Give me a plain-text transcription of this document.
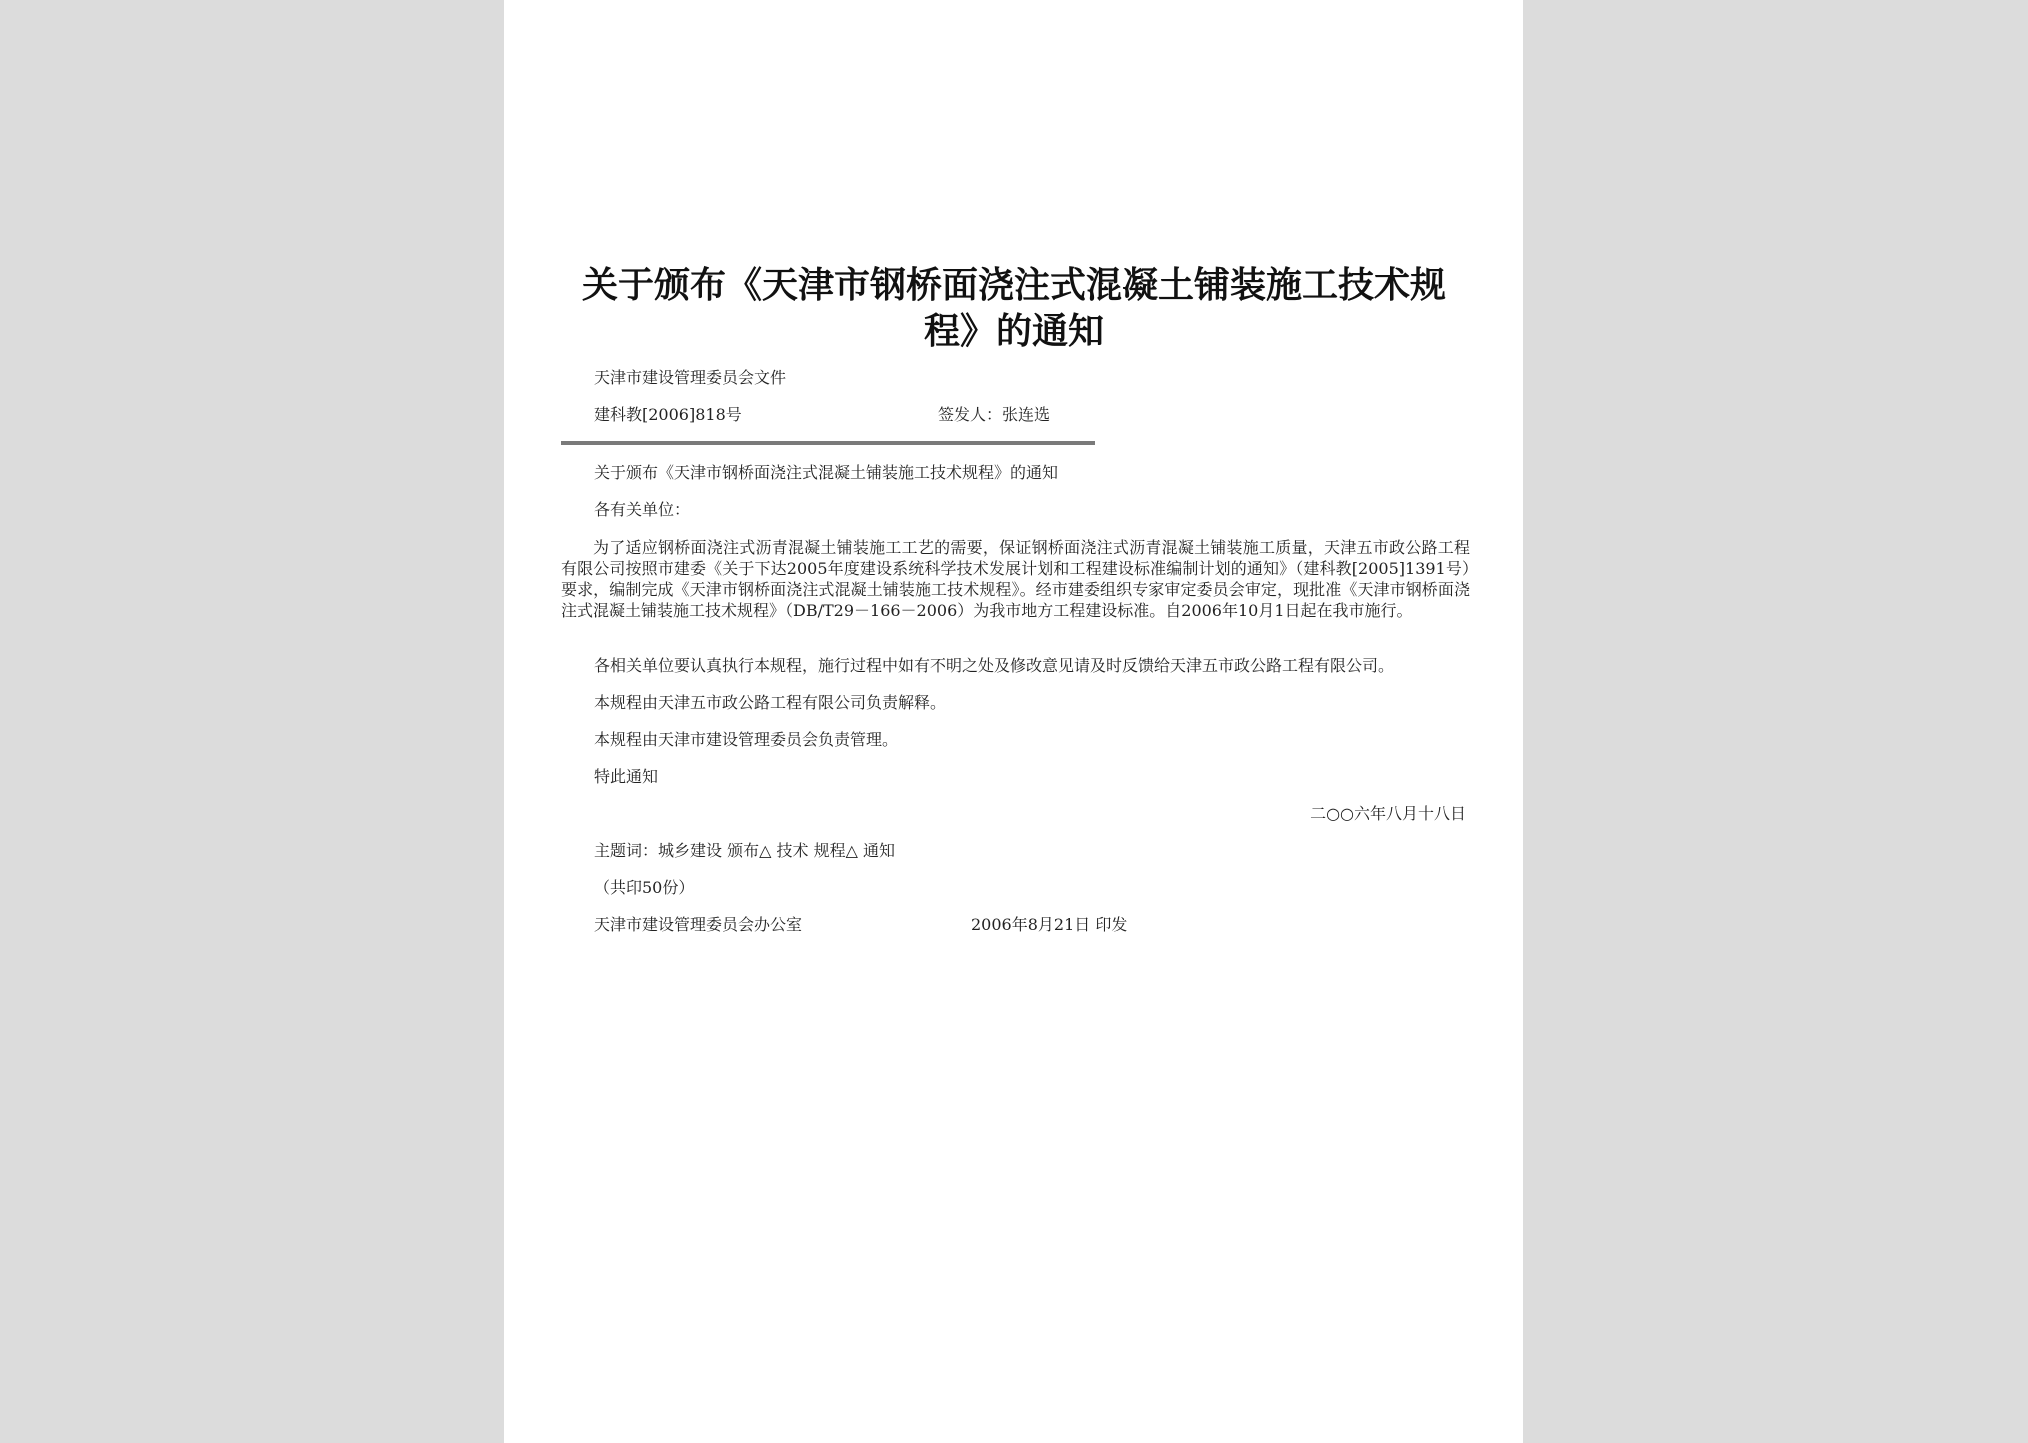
关于颁布《天津市钢桥面浇注式混凝土铺装施工技术规程》的通知
天津市建设管理委员会文件
建科教[2006]818号	签发人：张连选
关于颁布《天津市钢桥面浇注式混凝土铺装施工技术规程》的通知
各有关单位：

为了适应钢桥面浇注式沥青混凝土铺装施工工艺的需要，保证钢桥面浇注式沥青混凝土铺装施工质量，天津五市政公路工程有限公司按照市建委《关于下达2005年度建设系统科学技术发展计划和工程建设标准编制计划的通知》（建科教[2005]1391号）要求，编制完成《天津市钢桥面浇注式混凝土铺装施工技术规程》。经市建委组织专家审定委员会审定，现批准《天津市钢桥面浇注式混凝土铺装施工技术规程》（DB/T29－166－2006）为我市地方工程建设标准。自2006年10月1日起在我市施行。

各相关单位要认真执行本规程，施行过程中如有不明之处及修改意见请及时反馈给天津五市政公路工程有限公司。
本规程由天津五市政公路工程有限公司负责解释。
本规程由天津市建设管理委员会负责管理。
特此通知
二○○六年八月十八日
主题词：城乡建设 颁布△ 技术 规程△ 通知
（共印50份）
天津市建设管理委员会办公室	2006年8月21日 印发
